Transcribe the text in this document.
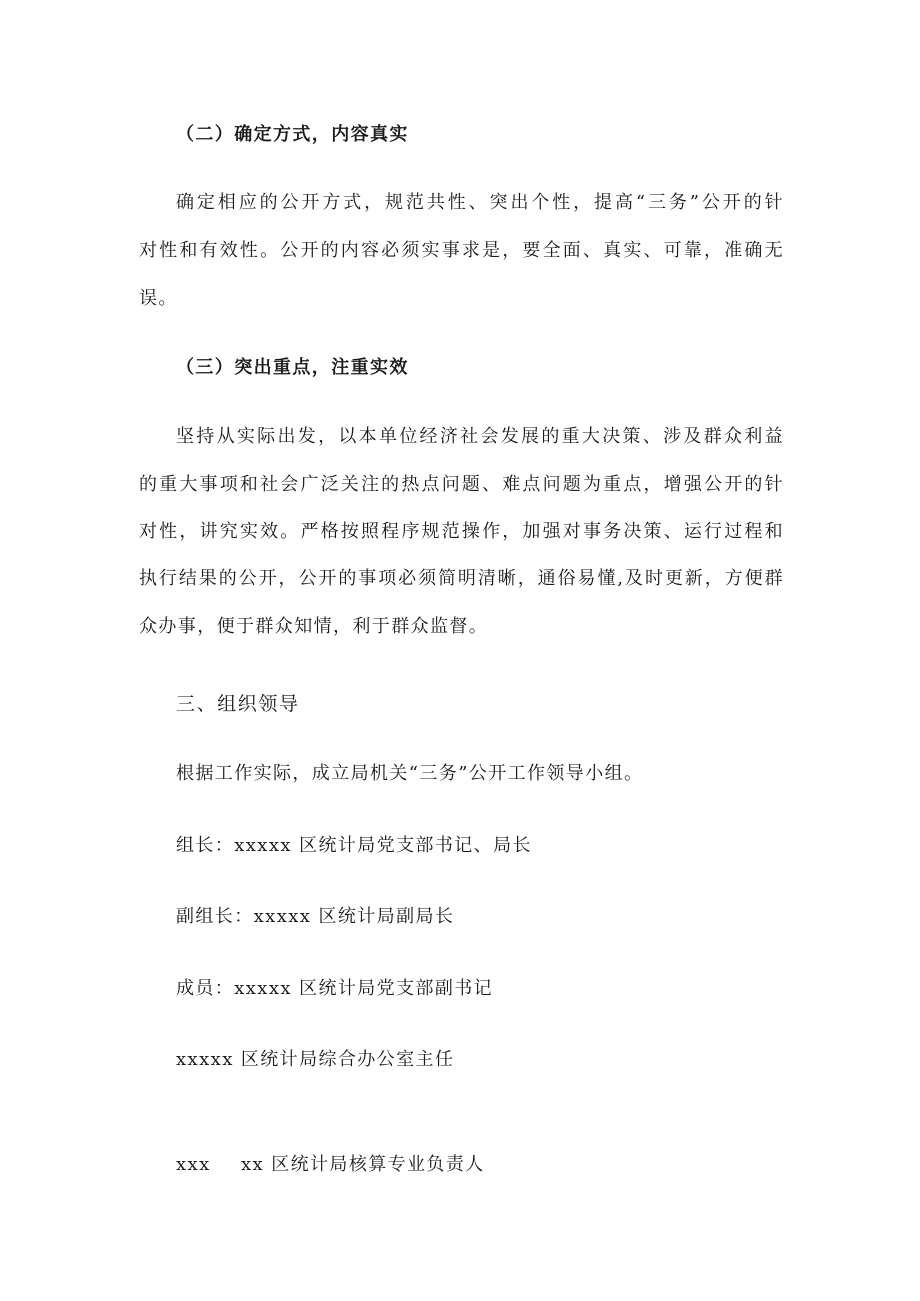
（二）确定方式，内容真实
确定相应的公开方式，规范共性、突出个性，提高“三务”公开的针
对性和有效性。公开的内容必须实事求是，要全面、真实、可靠，准确无
误。
（三）突出重点，注重实效
坚持从实际出发，以本单位经济社会发展的重大决策、涉及群众利益
的重大事项和社会广泛关注的热点问题、难点问题为重点，增强公开的针
对性，讲究实效。严格按照程序规范操作，加强对事务决策、运行过程和
执行结果的公开，公开的事项必须简明清晰，通俗易懂,及时更新，方便群
众办事，便于群众知情，利于群众监督。
三、组织领导
根据工作实际，成立局机关“三务”公开工作领导小组。
组长：xxxxx 区统计局党支部书记、局长
副组长：xxxxx 区统计局副局长
成员：xxxxx 区统计局党支部副书记
xxxxx 区统计局综合办公室主任
xxx xx 区统计局核算专业负责人
